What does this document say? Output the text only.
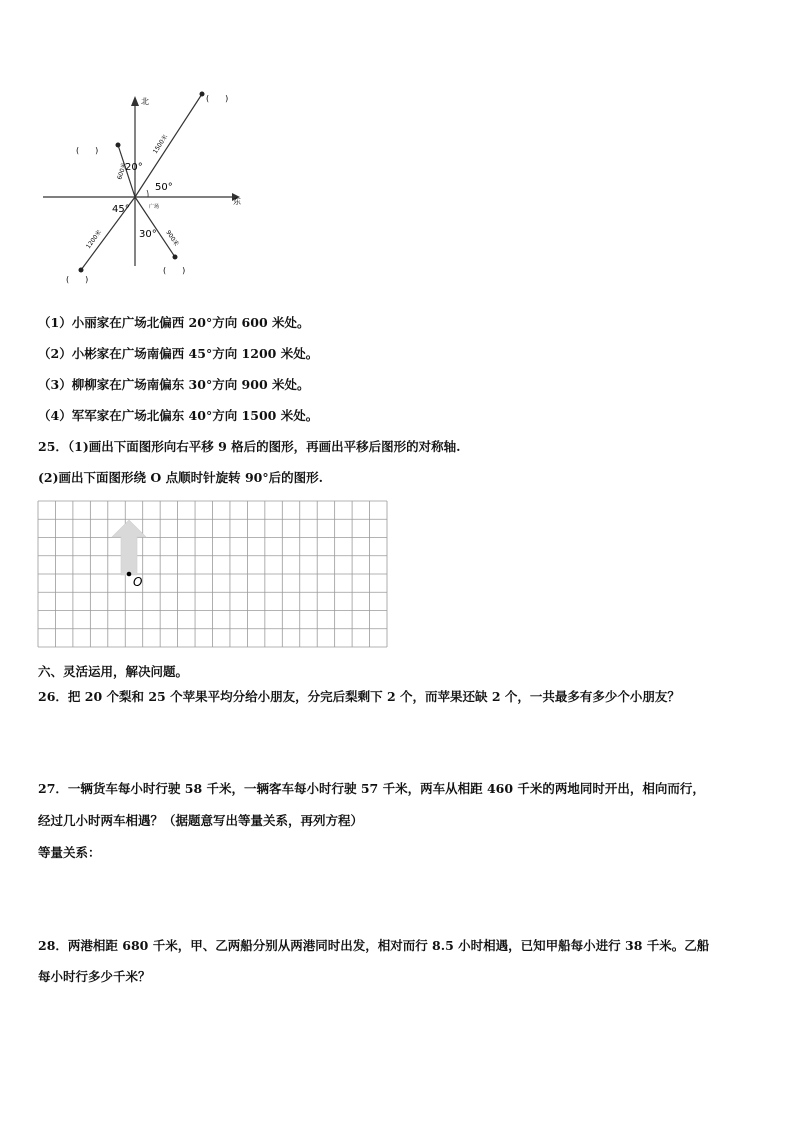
北
东
20°
50°
45°
30°
广场
1500米
600米
1200米	900米
(　　)
(　　)
(　　)
(　　)
（1）小丽家在广场北偏西 20°方向 600 米处。
（2）小彬家在广场南偏西 45°方向 1200 米处。
（3）柳柳家在广场南偏东 30°方向 900 米处。
（4）军军家在广场北偏东 40°方向 1500 米处。
25．（1)画出下面图形向右平移 9 格后的图形，再画出平移后图形的对称轴.
(2)画出下面图形绕 O 点顺时针旋转 90°后的图形.
O
六、灵活运用，解决问题。
26．把 20 个梨和 25 个苹果平均分给小朋友，分完后梨剩下 2 个，而苹果还缺 2 个，一共最多有多少个小朋友？
27．一辆货车每小时行驶 58 千米，一辆客车每小时行驶 57 千米，两车从相距 460 千米的两地同时开出，相向而行，
经过几小时两车相遇？（据题意写出等量关系，再列方程）
等量关系：
28．两港相距 680 千米，甲、乙两船分别从两港同时出发，相对而行 8.5 小时相遇，已知甲船每小进行 38 千米。乙船
每小时行多少千米？
